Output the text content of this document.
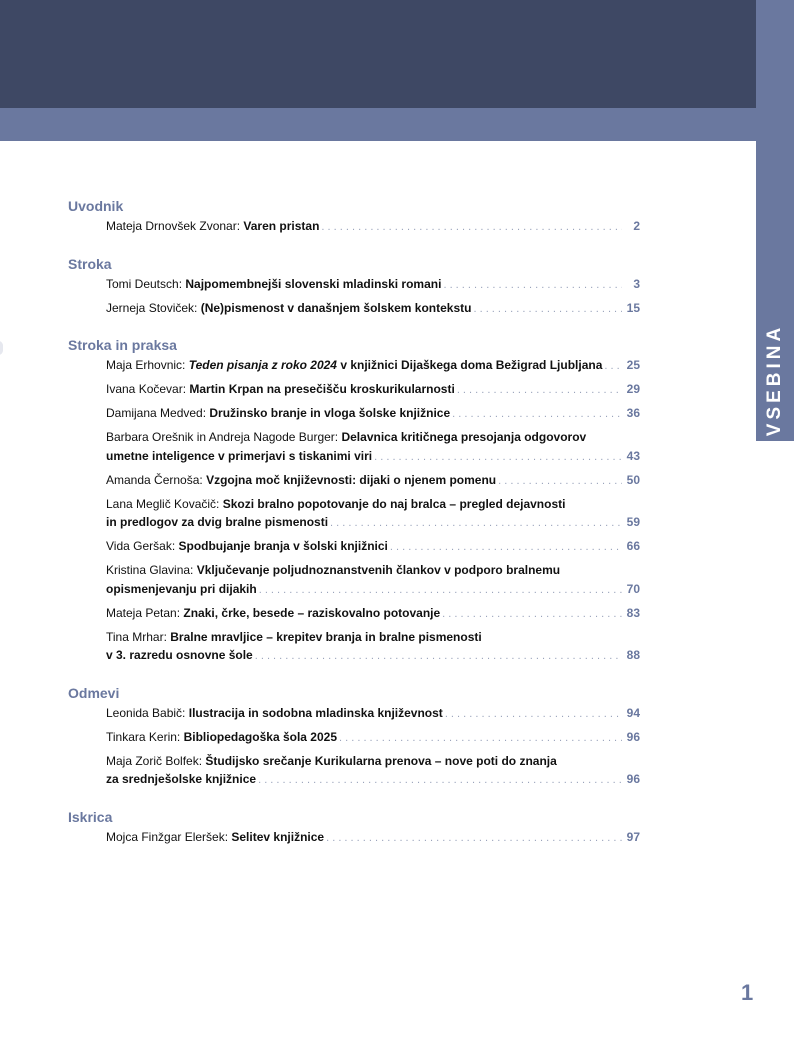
VSEBINA
Uvodnik
Mateja Drnovšek Zvonar: Varen pristan . . .	2
Stroka
Tomi Deutsch: Najpomembnejši slovenski mladinski romani . . .	3
Jerneja Stoviček: (Ne)pismenost v današnjem šolskem kontekstu . . .	15
Stroka in praksa
Maja Erhovnic: Teden pisanja z roko 2024 v knjižnici Dijaškega doma Bežigrad Ljubljana . . . 25
Ivana Kočevar: Martin Krpan na presečišču kroskurikularnosti . . .	29
Damijana Medved: Družinsko branje in vloga šolske knjižnice . . .	36
Barbara Orešnik in Andreja Nagode Burger: Delavnica kritičnega presojanja odgovorov
umetne inteligence v primerjavi s tiskanimi viri . . .	43
Amanda Černoša: Vzgojna moč književnosti: dijaki o njenem pomenu . . .	50
Lana Meglič Kovačič: Skozi bralno popotovanje do naj bralca – pregled dejavnosti
in predlogov za dvig bralne pismenosti . . .	59
Vida Geršak: Spodbujanje branja v šolski knjižnici . . .	66
Kristina Glavina: Vključevanje poljudnoznanstvenih člankov v podporo bralnemu
opismenjevanju pri dijakih . . .	70
Mateja Petan: Znaki, črke, besede – raziskovalno potovanje . . .	83
Tina Mrhar: Bralne mravljice – krepitev branja in bralne pismenosti
v 3. razredu osnovne šole . . .	88
Odmevi
Leonida Babič: Ilustracija in sodobna mladinska književnost . . .	94
Tinkara Kerin: Bibliopedagoška šola 2025 . . .	96
Maja Zorič Bolfek: Študijsko srečanje Kurikularna prenova – nove poti do znanja
za srednješolske knjižnice . . .	96
Iskrica
Mojca Finžgar Eleršek: Selitev knjižnice . . .	97
1
